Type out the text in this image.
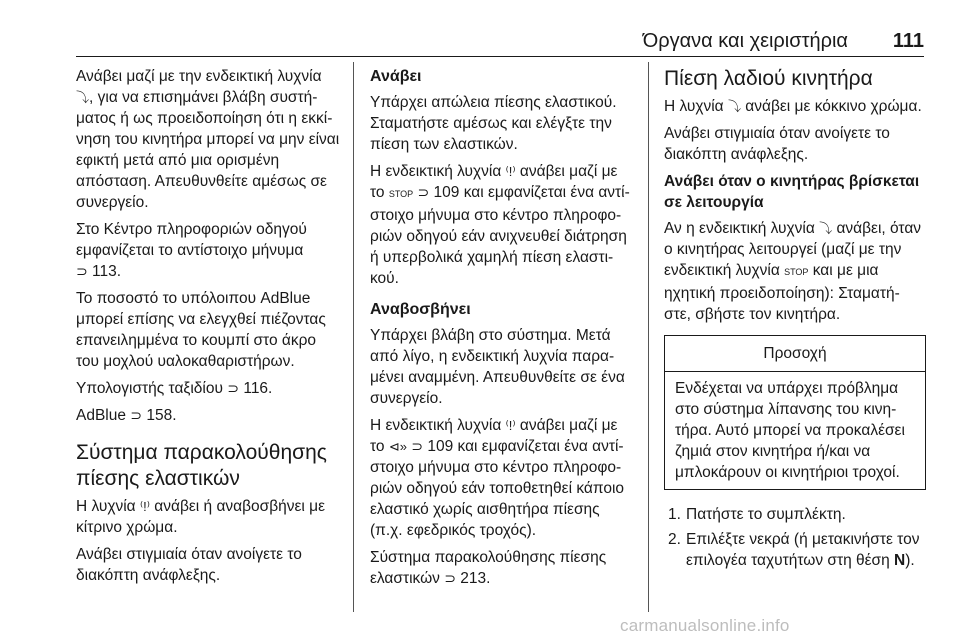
Όργανα και χειριστήρια 111

Ανάβει μαζί με την ενδεικτική λυχνία ⤵, για να επισημάνει βλάβη συστή-ματος ή ως προειδοποίηση ότι η εκκί-νηση του κινητήρα μπορεί να μην είναι εφικτή μετά από μια ορισμένη απόσταση. Απευθυνθείτε αμέσως σε συνεργείο.

Στο Κέντρο πληροφοριών οδηγού εμφανίζεται το αντίστοιχο μήνυμα
⊃ 113.

Το ποσοστό το υπόλοιπου AdBlue μπορεί επίσης να ελεγχθεί πιέζοντας επανειλημμένα το κουμπί στο άκρο του μοχλού υαλοκαθαριστήρων.

Υπολογιστής ταξιδίου ⊃ 116.

AdBlue ⊃ 158.

Σύστημα παρακολούθησης πίεσης ελαστικών

Η λυχνία ⁽!⁾ ανάβει ή αναβοσβήνει με κίτρινο χρώμα.

Ανάβει στιγμιαία όταν ανοίγετε το διακόπτη ανάφλεξης.

Ανάβει

Υπάρχει απώλεια πίεσης ελαστικού. Σταματήστε αμέσως και ελέγξτε την πίεση των ελαστικών.

Η ενδεικτική λυχνία ⁽!⁾ ανάβει μαζί με το STOP ⊃ 109 και εμφανίζεται ένα αντί-στοιχο μήνυμα στο κέντρο πληροφο-ριών οδηγού εάν ανιχνευθεί διάτρηση ή υπερβολικά χαμηλή πίεση ελαστι-κού.

Αναβοσβήνει

Υπάρχει βλάβη στο σύστημα. Μετά από λίγο, η ενδεικτική λυχνία παρα-μένει αναμμένη. Απευθυνθείτε σε ένα συνεργείο.

Η ενδεικτική λυχνία ⁽!⁾ ανάβει μαζί με το ⊲» ⊃ 109 και εμφανίζεται ένα αντί-στοιχο μήνυμα στο κέντρο πληροφο-ριών οδηγού εάν τοποθετηθεί κάποιο ελαστικό χωρίς αισθητήρα πίεσης (π.χ. εφεδρικός τροχός).

Σύστημα παρακολούθησης πίεσης ελαστικών ⊃ 213.

Πίεση λαδιού κινητήρα

Η λυχνία ⤵ ανάβει με κόκκινο χρώμα.

Ανάβει στιγμιαία όταν ανοίγετε το διακόπτη ανάφλεξης.

Ανάβει όταν ο κινητήρας βρίσκεται σε λειτουργία

Αν η ενδεικτική λυχνία ⤵ ανάβει, όταν ο κινητήρας λειτουργεί (μαζί με την ενδεικτική λυχνία STOP και με μια ηχητική προειδοποίηση): Σταματή-στε, σβήστε τον κινητήρα.

Προσοχή
Ενδέχεται να υπάρχει πρόβλημα στο σύστημα λίπανσης του κινη-τήρα. Αυτό μπορεί να προκαλέσει ζημιά στον κινητήρα ή/και να μπλοκάρουν οι κινητήριοι τροχοί.
1. Πατήστε το συμπλέκτη.
2. Επιλέξτε νεκρά (ή μετακινήστε τον επιλογέα ταχυτήτων στη θέση N).
carmanualsonline.info
